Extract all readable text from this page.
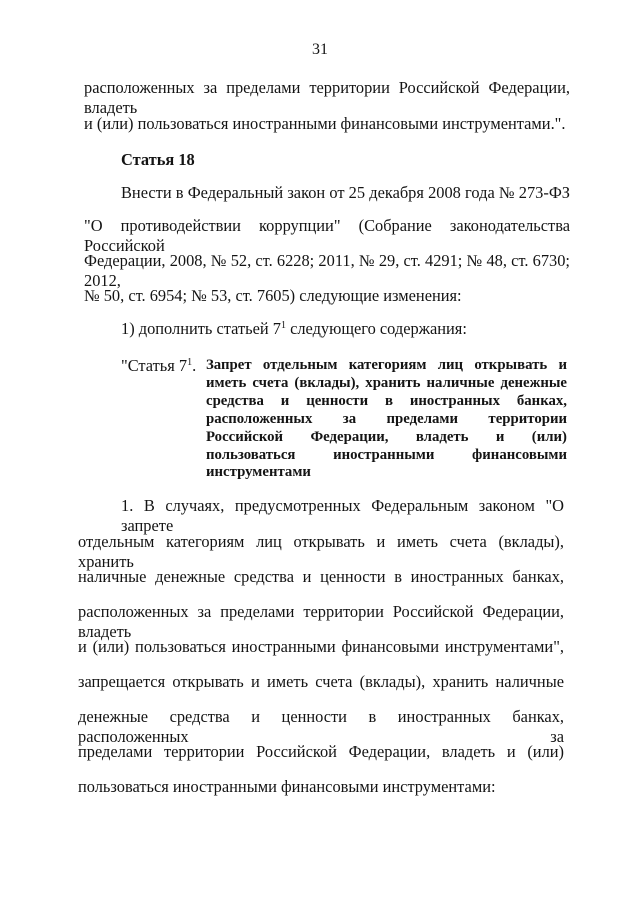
31

расположенных за пределами территории Российской Федерации, владеть

и (или) пользоваться иностранными финансовыми инструментами.".

Статья 18

Внести в Федеральный закон от 25 декабря 2008 года № 273-ФЗ

"О противодействии коррупции" (Собрание законодательства Российской

Федерации, 2008, № 52, ст. 6228; 2011, № 29, ст. 4291; № 48, ст. 6730; 2012,

№ 50, ст. 6954; № 53, ст. 7605) следующие изменения:

1) дополнить статьей $7^1$ следующего содержания:

"Статья $7^1$. Запрет отдельным категориям лиц открывать и

иметь счета (вклады), хранить наличные денежные

средства и ценности в иностранных банках,

расположенных за пределами территории

Российской Федерации, владеть и (или)

пользоваться иностранными финансовыми

инструментами

1. В случаях, предусмотренных Федеральным законом "О запрете

отдельным категориям лиц открывать и иметь счета (вклады), хранить

наличные денежные средства и ценности в иностранных банках,

расположенных за пределами территории Российской Федерации, владеть

и (или) пользоваться иностранными финансовыми инструментами",

запрещается открывать и иметь счета (вклады), хранить наличные

денежные средства и ценности в иностранных банках, расположенных за

пределами территории Российской Федерации, владеть и (или)

пользоваться иностранными финансовыми инструментами:
